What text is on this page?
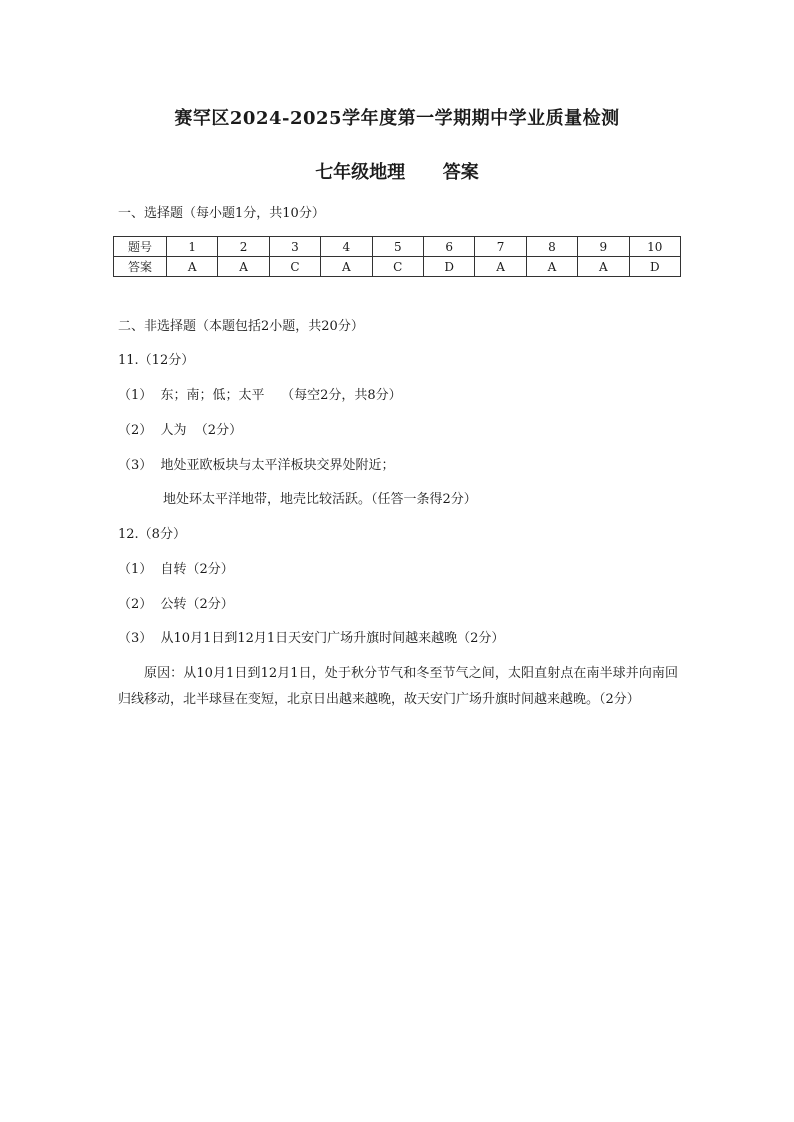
赛罕区2024-2025学年度第一学期期中学业质量检测
七年级地理      答案
一、选择题（每小题1分，共10分）
题号	1	2	3	4	5	6	7	8	9	10
答案	A	A	C	A	C	D	A	A	A	D
二、非选择题（本题包括2小题，共20分）
11.（12分）
（1）  东；南；低；太平    （每空2分，共8分）
（2）  人为  （2分）
（3）  地处亚欧板块与太平洋板块交界处附近；
地处环太平洋地带，地壳比较活跃。（任答一条得2分）
12.（8分）
（1）  自转（2分）
（2）  公转（2分）
（3）  从10月1日到12月1日天安门广场升旗时间越来越晚（2分）
原因：从10月1日到12月1日，处于秋分节气和冬至节气之间，太阳直射点在南半球并向南回归线移动，北半球昼在变短，北京日出越来越晚，故天安门广场升旗时间越来越晚。（2分）
